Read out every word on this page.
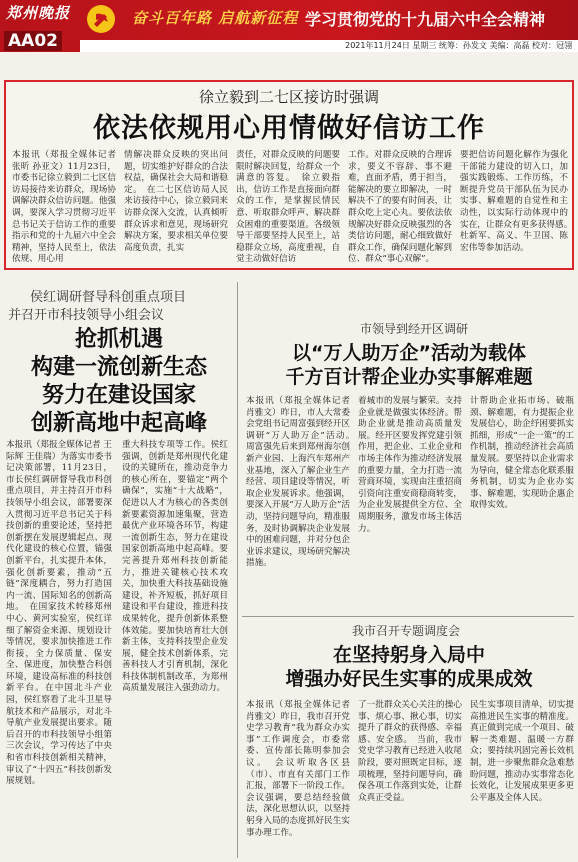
郑州晚报	奋斗百年路 启航新征程 学习贯彻党的十九届六中全会精神
AA02	2021年11月24日 星期三 统筹：孙发文 美编：高磊 校对：冠翎
徐立毅到二七区接访时强调
依法依规用心用情做好信访工作
本报讯（郑报全媒体记者 张昕 孙亚文）11月23日，市委书记徐立毅到二七区信访局接待来访群众，现场协调解决群众信访问题。他强调，要深入学习贯彻习近平总书记关于信访工作的重要指示和党的十九届六中全会精神，坚持人民至上，依法依规、用心用
情解决群众反映的突出问题，切实维护好群众的合法权益，确保社会大局和谐稳定。　在二七区信访局人民来访接待中心，徐立毅同来访群众深入交流，认真倾听群众诉求和意见，现场研究解决方案，要求相关单位要高度负责，扎实
责任，对群众反映的问题要限时解决回复，给群众一个满意的答复。　徐立毅指出，信访工作是直接面向群众的工作，是掌握民情民意、听取群众呼声、解决群众困难的重要渠道。各级领导干部要坚持人民至上，站稳群众立场，高度重视，自觉主动做好信访
工作。对群众反映的合理诉求，要义不容辞、事不避难，直面矛盾，勇于担当，能解决的要立即解决，一时解决不了的要有时间表，让群众吃上定心丸。要依法依规解决好群众反映强烈的各类信访问题，耐心细致做好群众工作，确保问题化解到位、群众“事心双解”。
要把信访问题化解作为强化干部能力建设的切入口，加强实践锻炼、工作历练，不断提升党员干部队伍为民办实事、解难题的自觉性和主动性，以实际行动体现中的实在，让群众有更多获得感。　杜新军、高义、牛卫国、陈宏伟等参加活动。
侯红调研督导科创重点项目
并召开市科技领导小组会议
抢抓机遇
构建一流创新生态
努力在建设国家
创新高地中起高峰
本报讯（郑报全媒体记者 王际辉 王佳瑞）为落实市委书记决策部署，11月23日，市长侯红调研督导我市科创重点项目，并主持召开市科技领导小组会议，部署要深入贯彻习近平总书记关于科技创新的重要论述，坚持把创新摆在发展逻辑起点、现代化建设的核心位置，锚强创新平台，扎实提升本体，强化创新要素，推动“五链”深度耦合，努力打造国内一流、国际知名的创新高地。　在国家技术转移郑州中心、黄河实验室，侯红详细了解资金来源、规划设计等情况，要求加快推进工作衔接，全力保质量、保安全、保进度，加快整合科创环境，建设高标准的科技创新平台。在中国北斗产业园，侯红察看了北斗卫星导航技术和产品展示，对北斗导航产业发展提出要求。随后召开的市科技领导小组第三次会议，学习传达了中央和省市科技创新相关精神，审议了“十四五”科技创新发展规划。
重大科技专项等工作。侯红强调，创新是郑州现代化建设的关键所在，推动竞争力的核心所在，要锚定“两个确保”，实施“十大战略”，促进以人才为核心的各类创新要素资源加速集聚，营造最优产业环境各环节，构建一流创新生态，努力在建设国家创新高地中起高峰。要完善提升郑州科技创新能力，推进关键核心技术攻关，加快重大科技基础设施建设，补齐短板，抓好项目建设和平台建设，推进科技成果转化，提升创新体系整体效能。要加快培育壮大创新主体，支持科技型企业发展，健全技术创新体系，完善科技人才引育机制，深化科技体制机制改革，为郑州高质量发展注入强劲动力。
市领导到经开区调研
以“万人助万企”活动为载体
千方百计帮企业办实事解难题
本报讯（郑报全媒体记者 肖雅文）昨日，市人大常委会党组书记周富强到经开区调研“万人助万企”活动。　周富强先后来到郑州海尔创新产业园、上海汽车郑州产业基地，深入了解企业生产经营、项目建设等情况，听取企业发展诉求。他强调，要深入开展“万人助万企”活动，坚持问题导向，精准服务，及时协调解决企业发展中的困难问题，并对分包企业诉求建议，现场研究解决措施。
着城市的发展与繁荣。支持企业就是做强实体经济。帮助企业就是推动高质量发展。经开区要发挥党建引领作用，把企业、工业企业和市场主体作为推动经济发展的重要力量，全力打造一流营商环境，实现由注重招商引资向注重安商稳商转变，为企业发展提供全方位、全周期服务，激发市场主体活力。
计帮助企业拓市场、破瓶颈、解难题，有力提振企业发展信心，助企纾困要抓实抓细，形成“一企一策”的工作机制，推动经济社会高质量发展。要坚持以企业需求为导向，健全常态化联系服务机制，切实为企业办实事、解难题，实现助企惠企取得实效。
我市召开专题调度会
在坚持躬身入局中
增强办好民生实事的成果成效
本报讯（郑报全媒体记者 肖雅文）昨日，我市召开党史学习教育“我为群众办实事”工作调度会，市委常委、宣传部长陈明参加会议。　会议听取各区县（市）、市直有关部门工作汇报，部署下一阶段工作。会议强调，要总结经验做法，深化思想认识，以坚持躬身入局的态度抓好民生实事办理工作。
了一批群众关心关注的操心事、烦心事、揪心事，切实提升了群众的获得感、幸福感、安全感。　当前，我市党史学习教育已经进入收尾阶段，要对照既定目标，逐项梳理，坚持问题导向，确保各项工作落到实处，让群众真正受益。
民生实事项目清单，切实提高推进民生实事的精准度。真正做到完成一个项目、破解一类难题、温暖一方群众；要持续巩固完善长效机制，进一步聚焦群众急难愁盼问题，推动办实事常态化长效化，让发展成果更多更公平惠及全体人民。
